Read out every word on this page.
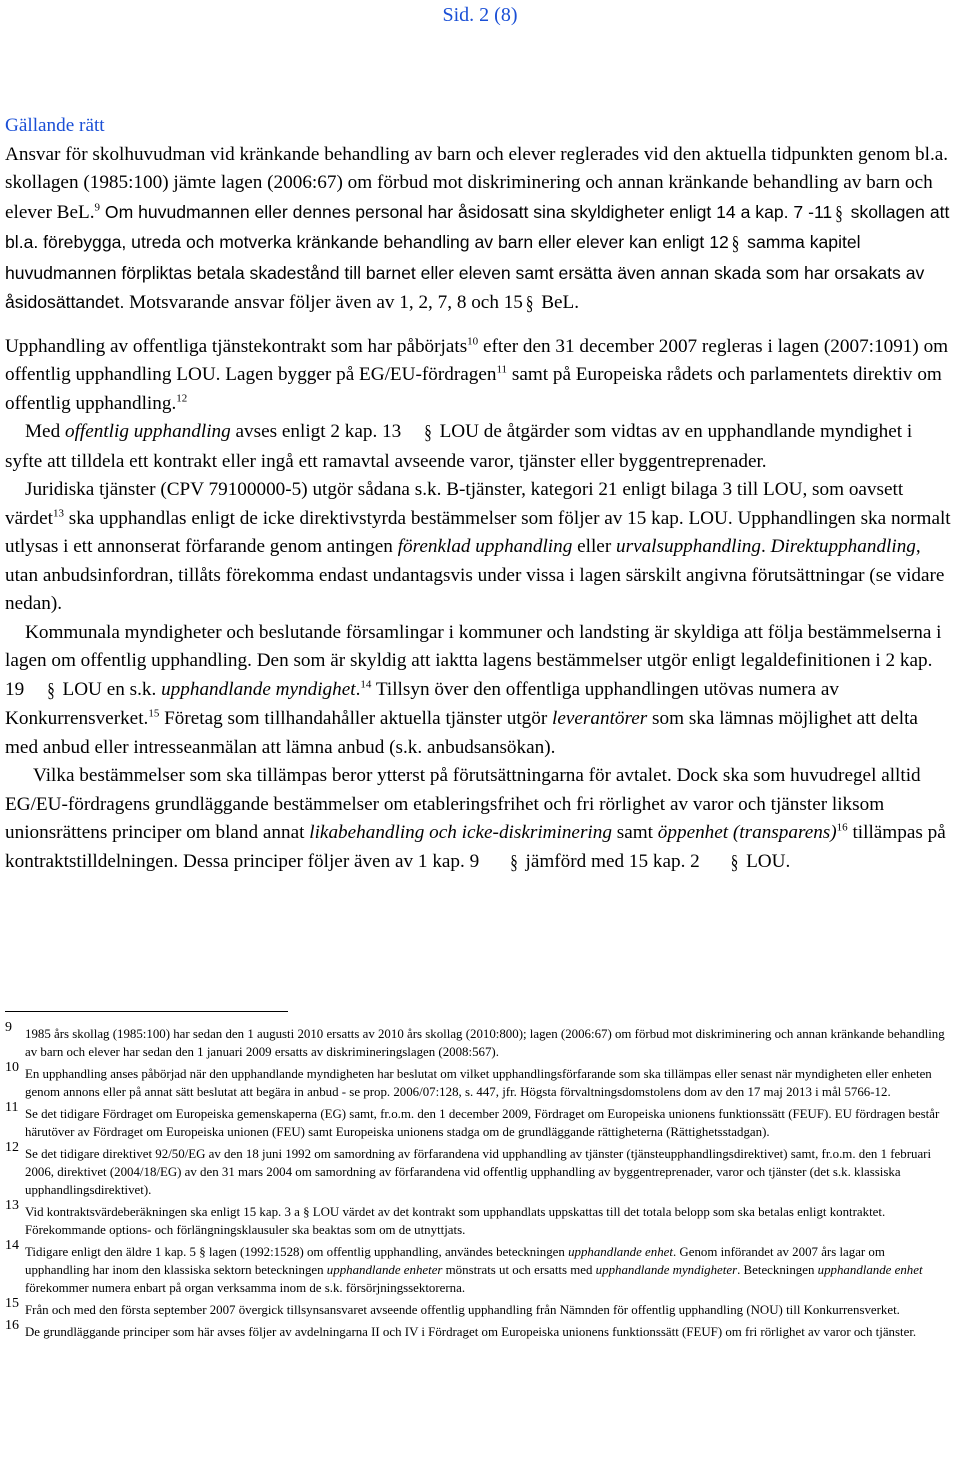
Sid. 2 (8)
Gällande rätt

Ansvar för skolhuvudman vid kränkande behandling av barn och elever reglerades vid den aktuella tidpunkten genom bl.a. skollagen (1985:100) jämte lagen (2006:67) om förbud mot diskriminering och annan kränkande behandling av barn och elever BeL.$^9$ Om huvudmannen eller dennes personal har åsidosatt sina skyldigheter enligt 14 a kap. 7 -11 § skollagen att bl.a. förebygga, utreda och motverka kränkande behandling av barn eller elever kan enligt 12 § samma kapitel huvudmannen förpliktas betala skadestånd till barnet eller eleven samt ersätta även annan skada som har orsakats av åsidosättandet. Motsvarande ansvar följer även av 1, 2, 7, 8 och 15 § BeL.

Upphandling av offentliga tjänstekontrakt som har påbörjats$^{10}$ efter den 31 december 2007 regleras i lagen (2007:1091) om offentlig upphandling LOU. Lagen bygger på EG/EU-fördragen$^{11}$ samt på Europeiska rådets och parlamentets direktiv om offentlig upphandling.$^{12}$

Med offentlig upphandling avses enligt 2 kap. 13 § LOU de åtgärder som vidtas av en upphandlande myndighet i syfte att tilldela ett kontrakt eller ingå ett ramavtal avseende varor, tjänster eller byggentreprenader.

Juridiska tjänster (CPV 79100000-5) utgör sådana s.k. B-tjänster, kategori 21 enligt bilaga 3 till LOU, som oavsett värdet$^{13}$ ska upphandlas enligt de icke direktivstyrda bestämmelser som följer av 15 kap. LOU. Upphandlingen ska normalt utlysas i ett annonserat förfarande genom antingen förenklad upphandling eller urvalsupphandling. Direktupphandling, utan anbudsinfordran, tillåts förekomma endast undantagsvis under vissa i lagen särskilt angivna förutsättningar (se vidare nedan).

Kommunala myndigheter och beslutande församlingar i kommuner och landsting är skyldiga att följa bestämmelserna i lagen om offentlig upphandling. Den som är skyldig att iaktta lagens bestämmelser utgör enligt legaldefinitionen i 2 kap. 19 § LOU en s.k. upphandlande myndighet.$^{14}$ Tillsyn över den offentliga upphandlingen utövas numera av Konkurrensverket.$^{15}$ Företag som tillhandahåller aktuella tjänster utgör leverantörer som ska lämnas möjlighet att delta med anbud eller intresseanmälan att lämna anbud (s.k. anbudsansökan).

Vilka bestämmelser som ska tillämpas beror ytterst på förutsättningarna för avtalet. Dock ska som huvudregel alltid EG/EU-fördragens grundläggande bestämmelser om etableringsfrihet och fri rörlighet av varor och tjänster liksom unionsrättens principer om bland annat likabehandling och icke-diskriminering samt öppenhet (transparens)$^{16}$ tillämpas på kontraktstilldelningen. Dessa principer följer även av 1 kap. 9 § jämförd med 15 kap. 2 § LOU.

9 1985 års skollag (1985:100) har sedan den 1 augusti 2010 ersatts av 2010 års skollag (2010:800); lagen (2006:67) om förbud mot diskriminering och annan kränkande behandling av barn och elever har sedan den 1 januari 2009 ersatts av diskrimineringslagen (2008:567).
10 En upphandling anses påbörjad när den upphandlande myndigheten har beslutat om vilket upphandlingsförfarande som ska tillämpas eller senast när myndigheten eller enheten genom annons eller på annat sätt beslutat att begära in anbud - se prop. 2006/07:128, s. 447, jfr. Högsta förvaltningsdomstolens dom av den 17 maj 2013 i mål 5766-12.
11 Se det tidigare Fördraget om Europeiska gemenskaperna (EG) samt, fr.o.m. den 1 december 2009, Fördraget om Europeiska unionens funktionssätt (FEUF). EU fördragen består härutöver av Fördraget om Europeiska unionen (FEU) samt Europeiska unionens stadga om de grundläggande rättigheterna (Rättighetsstadgan).
12 Se det tidigare direktivet 92/50/EG av den 18 juni 1992 om samordning av förfarandena vid upphandling av tjänster (tjänsteupphandlingsdirektivet) samt, fr.o.m. den 1 februari 2006, direktivet (2004/18/EG) av den 31 mars 2004 om samordning av förfarandena vid offentlig upphandling av byggentreprenader, varor och tjänster (det s.k. klassiska upphandlingsdirektivet).
13 Vid kontraktsvärdeberäkningen ska enligt 15 kap. 3 a § LOU värdet av det kontrakt som upphandlats uppskattas till det totala belopp som ska betalas enligt kontraktet. Förekommande options- och förlängningsklausuler ska beaktas som om de utnyttjats.
14 Tidigare enligt den äldre 1 kap. 5 § lagen (1992:1528) om offentlig upphandling, användes beteckningen upphandlande enhet. Genom införandet av 2007 års lagar om upphandling har inom den klassiska sektorn beteckningen upphandlande enheter mönstrats ut och ersatts med upphandlande myndigheter. Beteckningen upphandlande enhet förekommer numera enbart på organ verksamma inom de s.k. försörjningssektorerna.
15 Från och med den första september 2007 övergick tillsynsansvaret avseende offentlig upphandling från Nämnden för offentlig upphandling (NOU) till Konkurrensverket.
16 De grundläggande principer som här avses följer av avdelningarna II och IV i Fördraget om Europeiska unionens funktionssätt (FEUF) om fri rörlighet av varor och tjänster.
